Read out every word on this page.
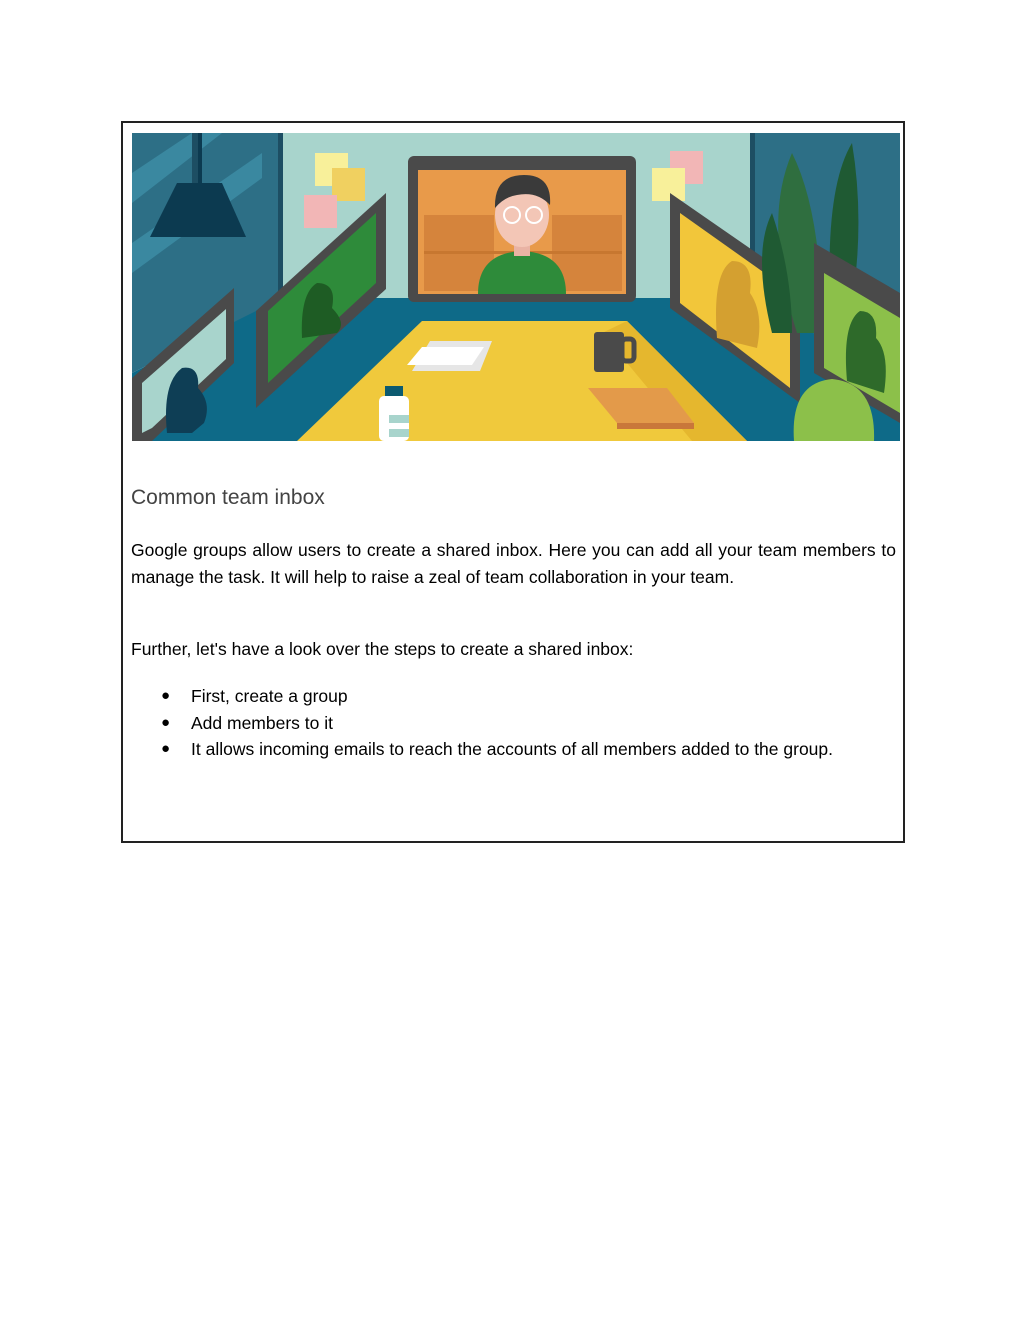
Common team inbox

Google groups allow users to create a shared inbox. Here you can add all your team members to manage the task. It will help to raise a zeal of team collaboration in your team.

Further, let's have a look over the steps to create a shared inbox:

● First, create a group
● Add members to it
● It allows incoming emails to reach the accounts of all members added to the group.
